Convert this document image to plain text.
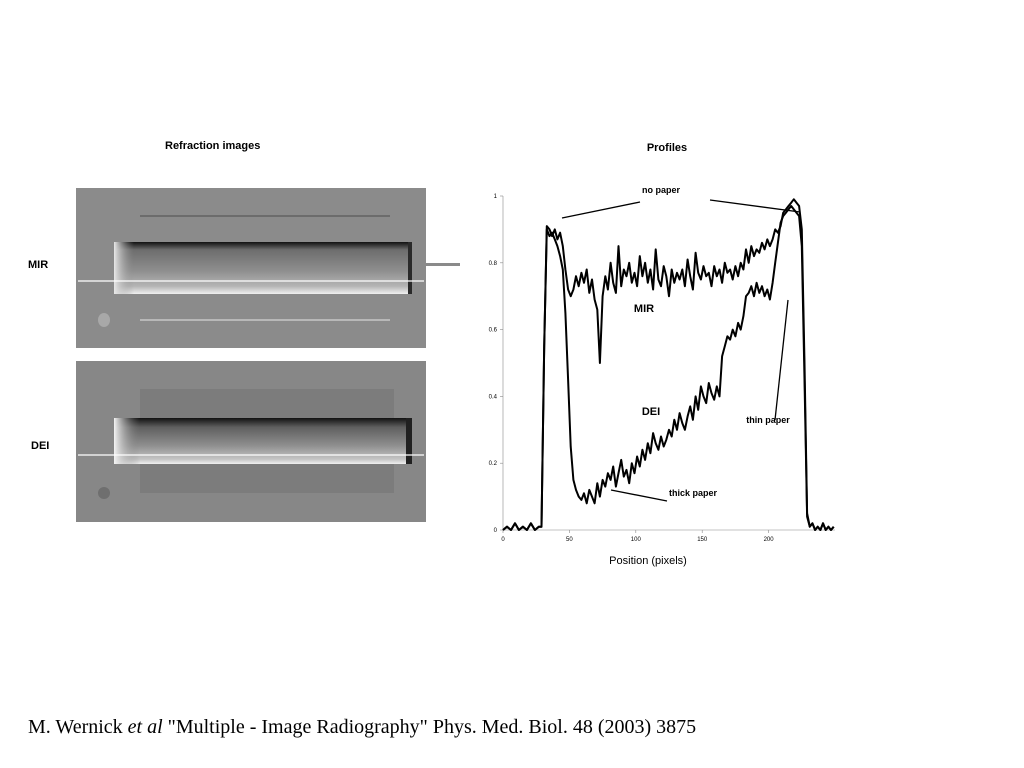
Refraction images
MIR
DEI
Profiles
0	50	100	150	200
0
0.2
0.4
0.6
0.8
1
no paper
MIR
DEI
thin paper
thick paper
Position (pixels)
M. Wernick et al "Multiple - Image Radiography" Phys. Med. Biol. 48 (2003) 3875
